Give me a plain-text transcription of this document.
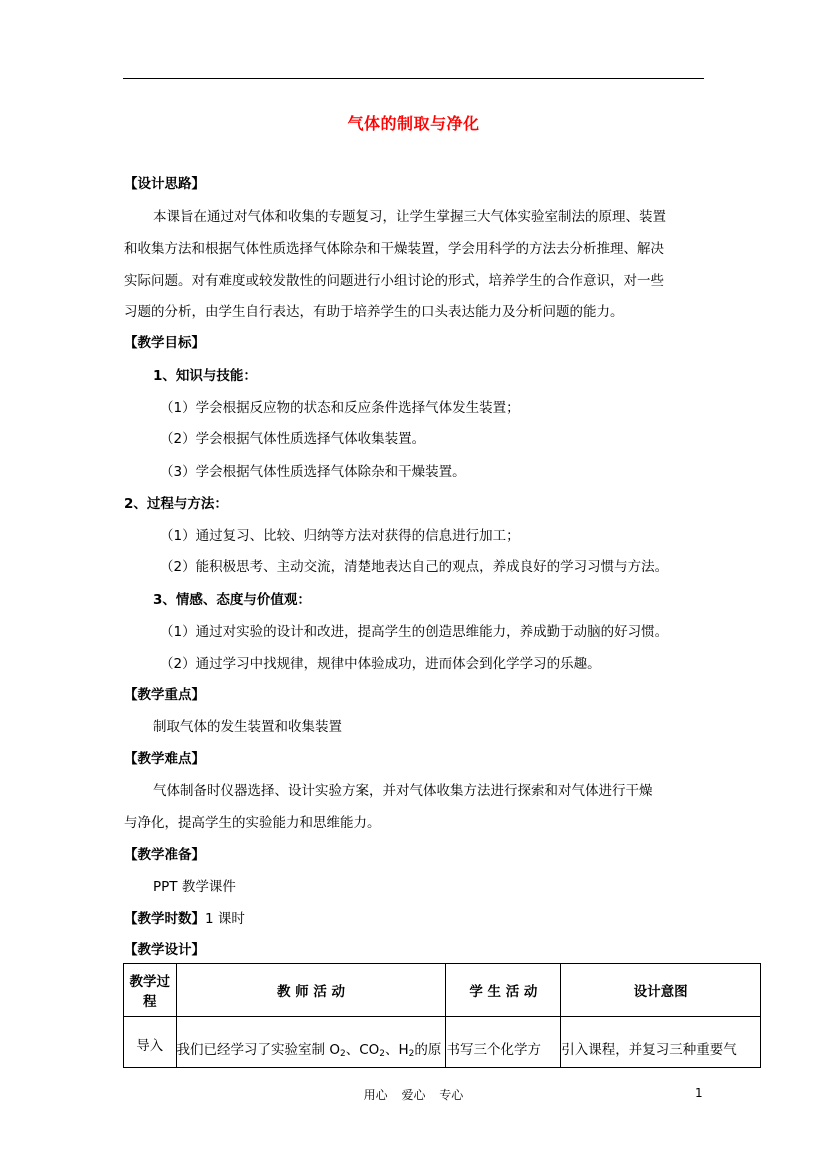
气体的制取与净化
【设计思路】
本课旨在通过对气体和收集的专题复习，让学生掌握三大气体实验室制法的原理、装置
和收集方法和根据气体性质选择气体除杂和干燥装置，学会用科学的方法去分析推理、解决
实际问题。对有难度或较发散性的问题进行小组讨论的形式，培养学生的合作意识，对一些
习题的分析，由学生自行表达，有助于培养学生的口头表达能力及分析问题的能力。
【教学目标】
1、知识与技能：
（1）学会根据反应物的状态和反应条件选择气体发生装置；
（2）学会根据气体性质选择气体收集装置。
（3）学会根据气体性质选择气体除杂和干燥装置。
2、过程与方法：
（1）通过复习、比较、归纳等方法对获得的信息进行加工；
（2）能积极思考、主动交流，清楚地表达自己的观点，养成良好的学习习惯与方法。
3、情感、态度与价值观：
（1）通过对实验的设计和改进，提高学生的创造思维能力，养成勤于动脑的好习惯。
（2）通过学习中找规律，规律中体验成功，进而体会到化学学习的乐趣。
【教学重点】
制取气体的发生装置和收集装置
【教学难点】
气体制备时仪器选择、设计实验方案，并对气体收集方法进行探索和对气体进行干燥
与净化，提高学生的实验能力和思维能力。
【教学准备】
PPT 教学课件
【教学时数】1 课时
【教学设计】
教学过程	教 师 活 动	学 生 活 动	设计意图
导入	我们已经学习了实验室制 $O_2$、$CO_2$、$H_2$的原	书写三个化学方	引入课程，并复习三种重要气
用心 爱心 专心	1
